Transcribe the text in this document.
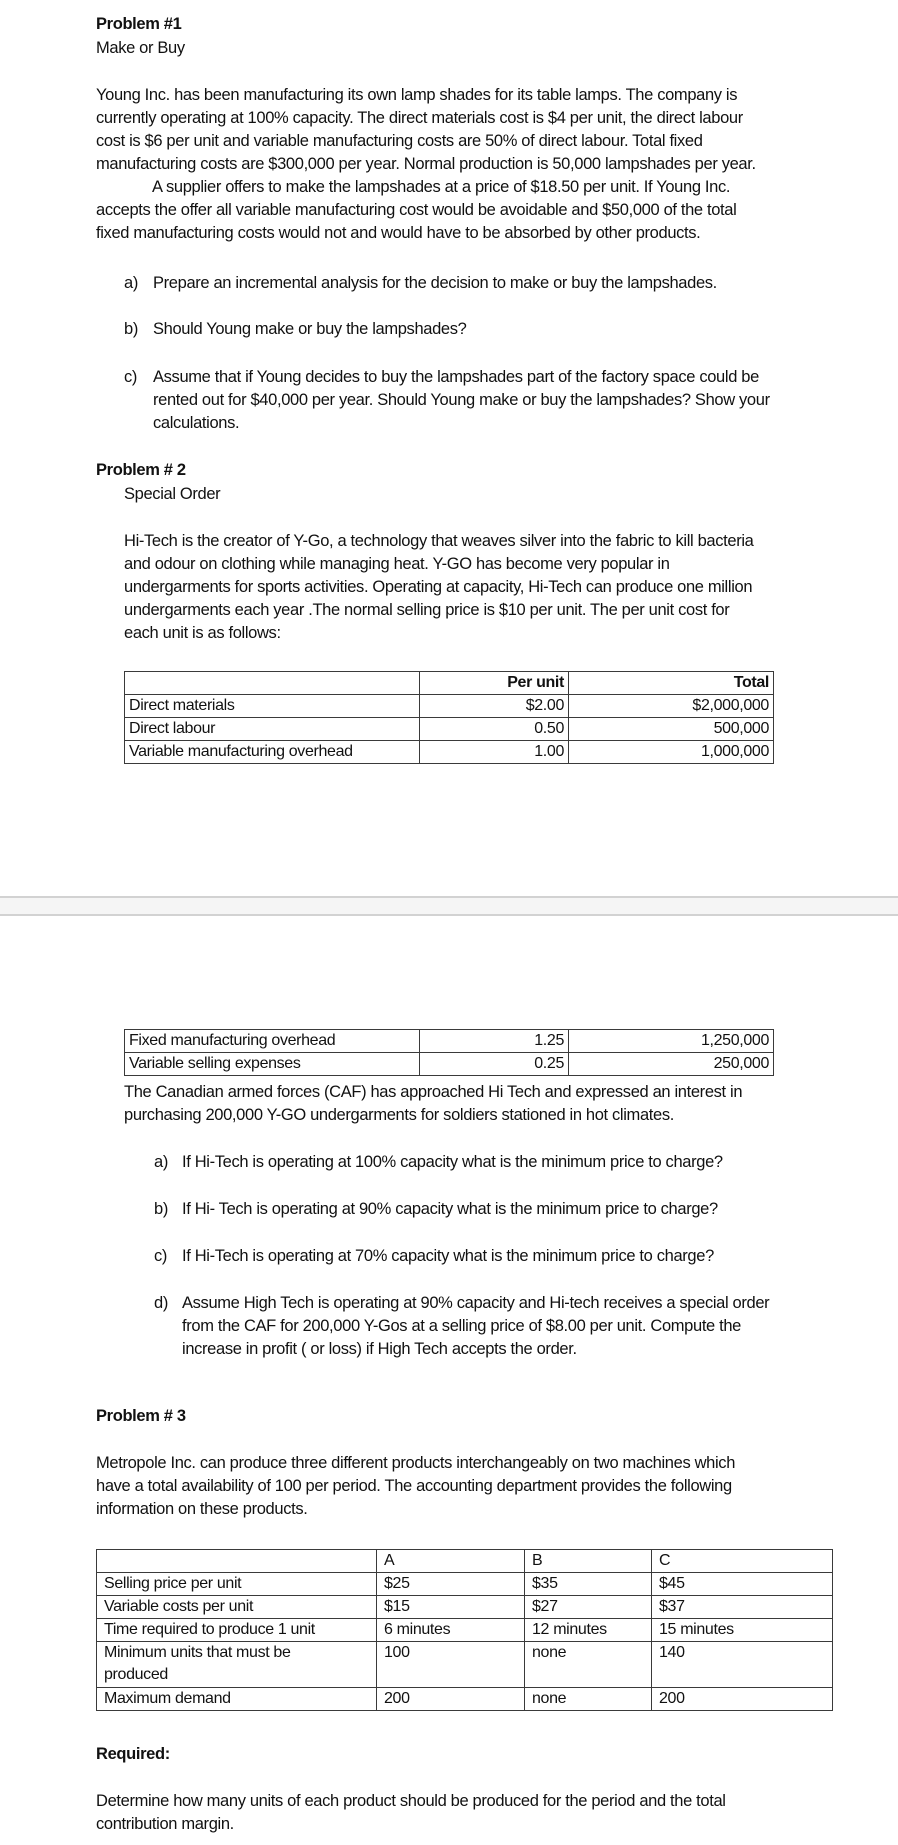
Problem #1
Make or Buy
Young Inc. has been manufacturing its own lamp shades for its table lamps. The company is
currently operating at 100% capacity. The direct materials cost is $4 per unit, the direct labour
cost is $6 per unit and variable manufacturing costs are 50% of direct labour. Total fixed
manufacturing costs are $300,000 per year. Normal production is 50,000 lampshades per year.
A supplier offers to make the lampshades at a price of $18.50 per unit. If Young Inc.
accepts the offer all variable manufacturing cost would be avoidable and $50,000 of the total
fixed manufacturing costs would not and would have to be absorbed by other products.
a) Prepare an incremental analysis for the decision to make or buy the lampshades.
b) Should Young make or buy the lampshades?
c) Assume that if Young decides to buy the lampshades part of the factory space could be
rented out for $40,000 per year. Should Young make or buy the lampshades? Show your
calculations.
Problem # 2
Special Order
Hi-Tech is the creator of Y-Go, a technology that weaves silver into the fabric to kill bacteria
and odour on clothing while managing heat. Y-GO has become very popular in
undergarments for sports activities. Operating at capacity, Hi-Tech can produce one million
undergarments each year .The normal selling price is $10 per unit. The per unit cost for
each unit is as follows:
	Per unit	Total
Direct materials	$2.00	$2,000,000
Direct labour	0.50	500,000
Variable manufacturing overhead	1.00	1,000,000
Fixed manufacturing overhead	1.25	1,250,000
Variable selling expenses	0.25	250,000
The Canadian armed forces (CAF) has approached Hi Tech and expressed an interest in
purchasing 200,000 Y-GO undergarments for soldiers stationed in hot climates.
a) If Hi-Tech is operating at 100% capacity what is the minimum price to charge?
b) If Hi- Tech is operating at 90% capacity what is the minimum price to charge?
c) If Hi-Tech is operating at 70% capacity what is the minimum price to charge?
d) Assume High Tech is operating at 90% capacity and Hi-tech receives a special order
from the CAF for 200,000 Y-Gos at a selling price of $8.00 per unit. Compute the
increase in profit ( or loss) if High Tech accepts the order.
Problem # 3
Metropole Inc. can produce three different products interchangeably on two machines which
have a total availability of 100 per period. The accounting department provides the following
information on these products.
	A	B	C
Selling price per unit	$25	$35	$45
Variable costs per unit	$15	$27	$37
Time required to produce 1 unit	6 minutes	12 minutes	15 minutes

Minimum units that must be
produced	100	none	140
Maximum demand	200	none	200
Required:
Determine how many units of each product should be produced for the period and the total
contribution margin.
